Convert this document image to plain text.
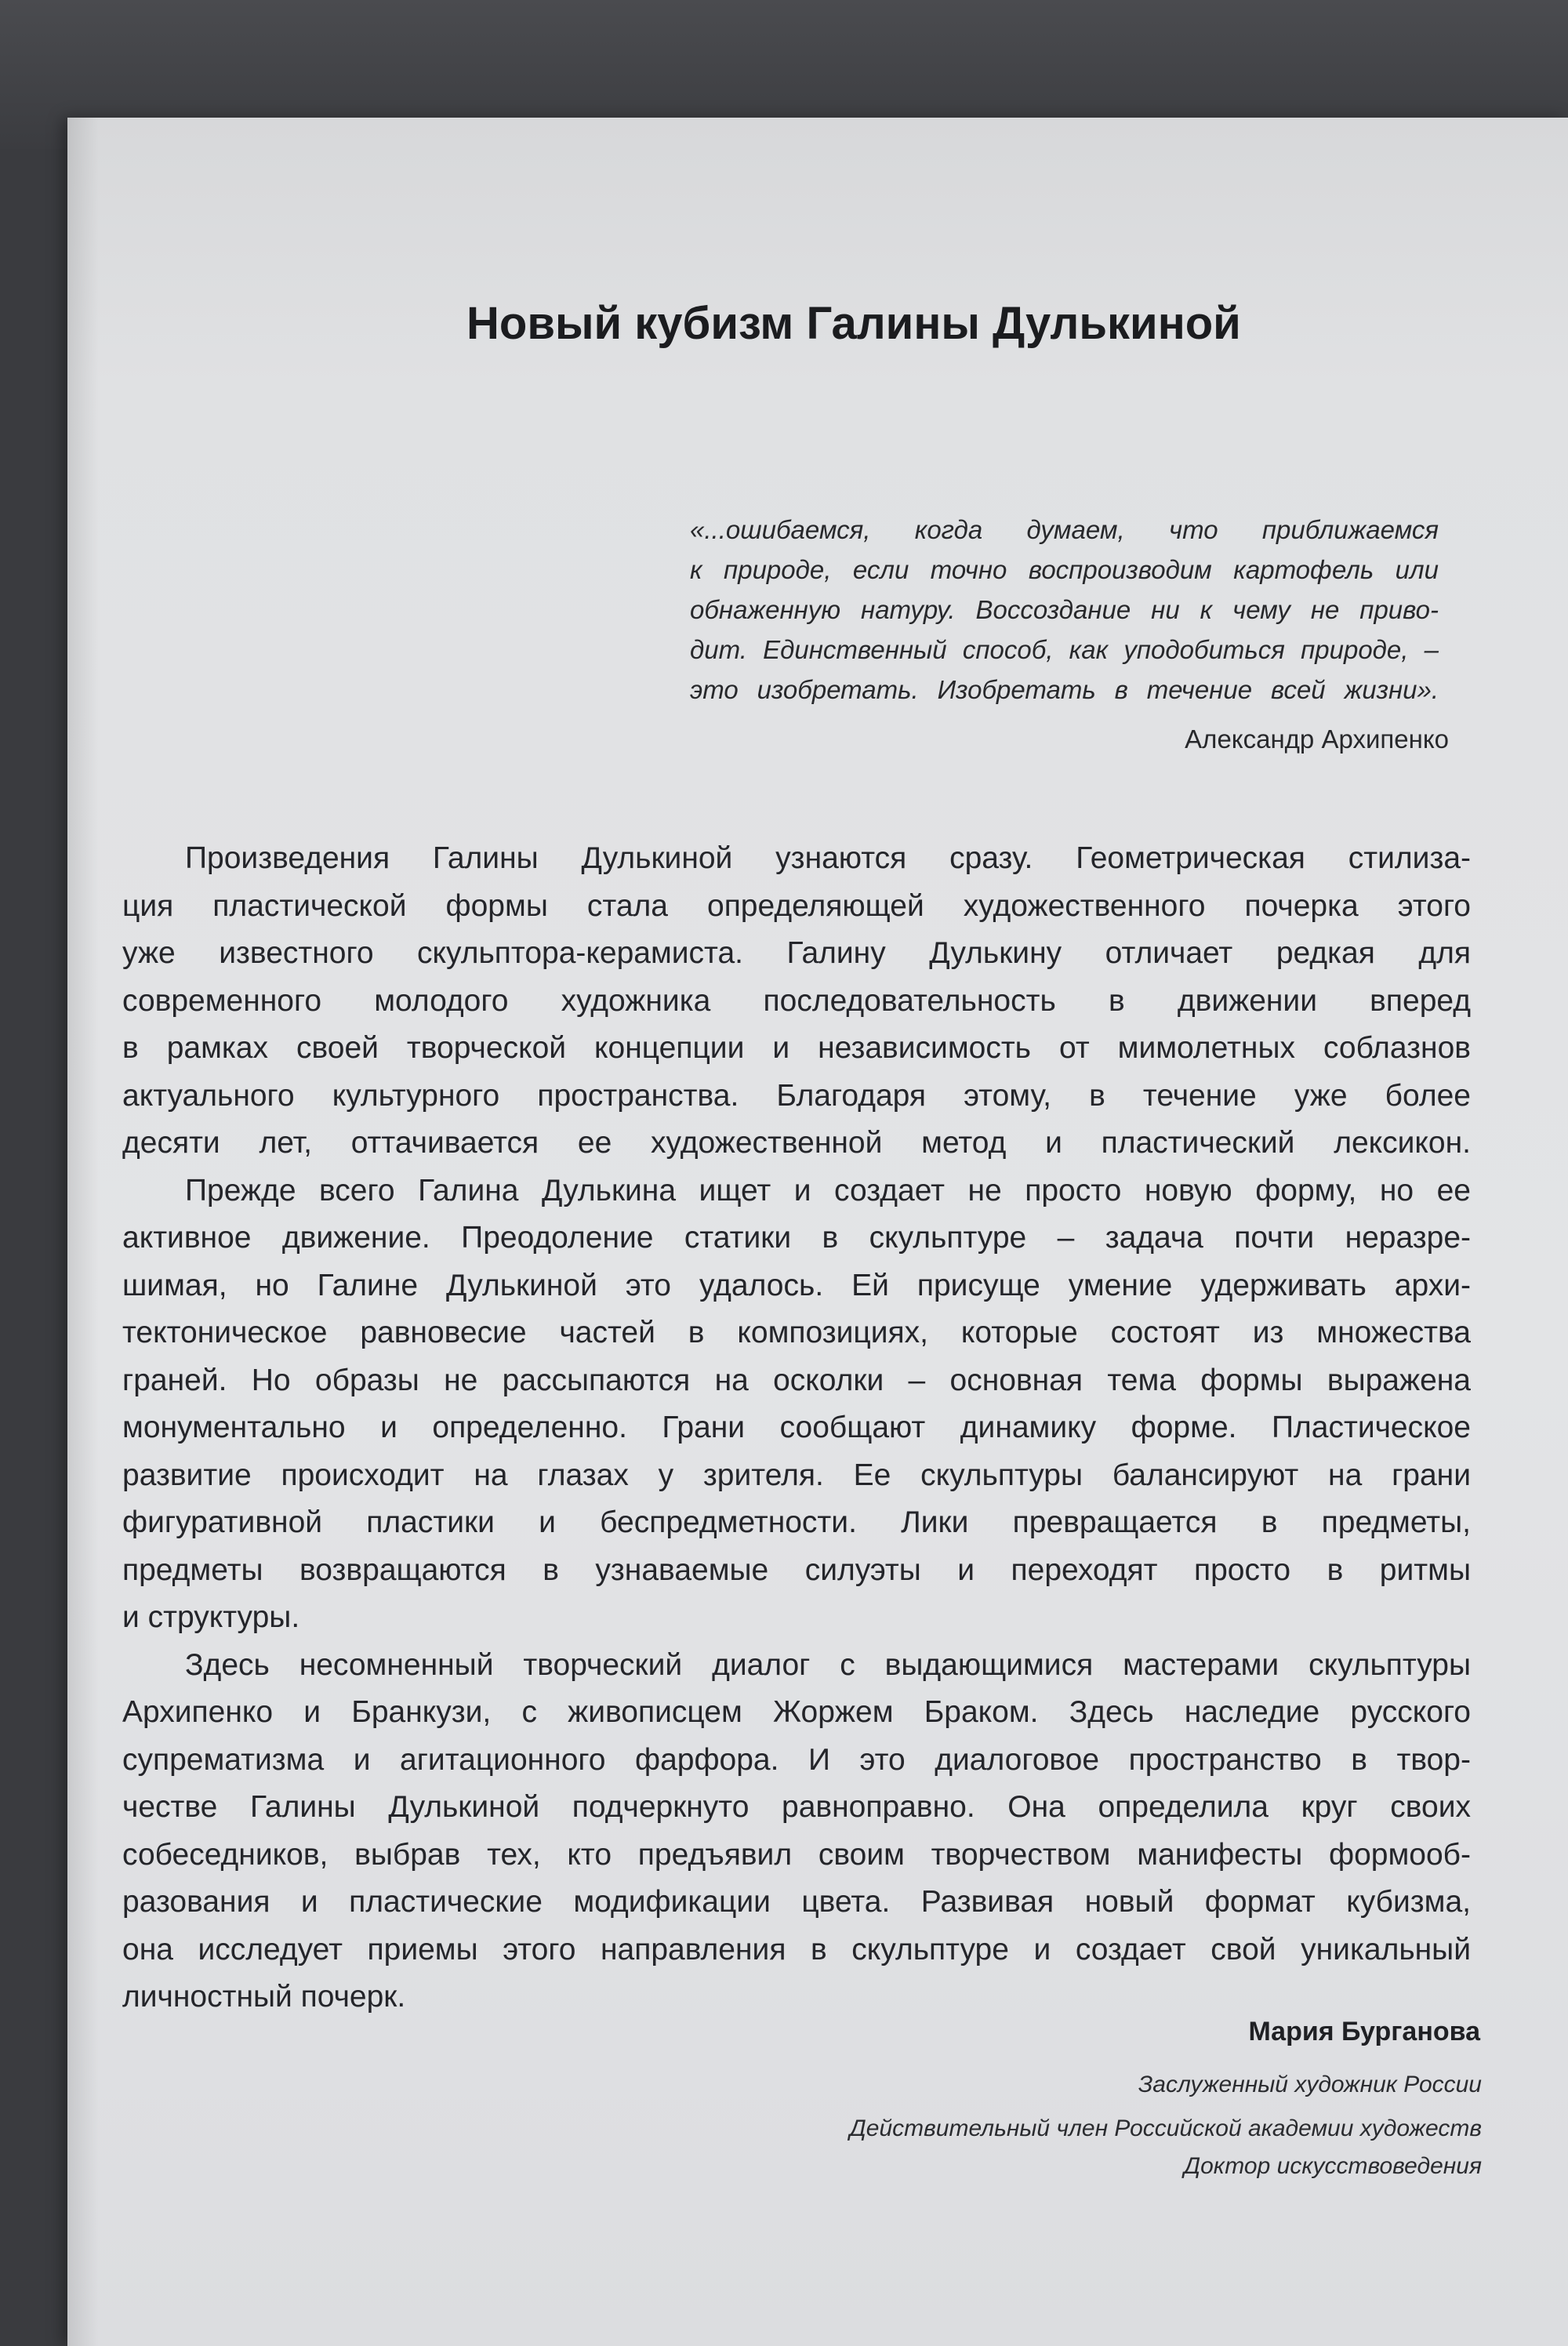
Новый кубизм Галины Дулькиной
«...ошибаемся, когда думаем, что приближаемся
к природе, если точно воспроизводим картофель или
обнаженную натуру. Воссоздание ни к чему не приво-
дит. Единственный способ, как уподобиться природе, –
это изобретать. Изобретать в течение всей жизни».
Александр Архипенко
Произведения Галины Дулькиной узнаются сразу. Геометрическая стилиза-
ция пластической формы стала определяющей художественного почерка этого
уже известного скульптора-керамиста. Галину Дулькину отличает редкая для
современного молодого художника последовательность в движении вперед
в рамках своей творческой концепции и независимость от мимолетных соблазнов
актуального культурного пространства. Благодаря этому, в течение уже более
десяти лет, оттачивается ее художественной метод и пластический лексикон.
Прежде всего Галина Дулькина ищет и создает не просто новую форму, но ее
активное движение. Преодоление статики в скульптуре – задача почти неразре-
шимая, но Галине Дулькиной это удалось. Ей присуще умение удерживать архи-
тектоническое равновесие частей в композициях, которые состоят из множества
граней. Но образы не рассыпаются на осколки – основная тема формы выражена
монументально и определенно. Грани сообщают динамику форме. Пластическое
развитие происходит на глазах у зрителя. Ее скульптуры балансируют на грани
фигуративной пластики и беспредметности. Лики превращается в предметы,
предметы возвращаются в узнаваемые силуэты и переходят просто в ритмы
и структуры.
Здесь несомненный творческий диалог с выдающимися мастерами скульптуры
Архипенко и Бранкузи, с живописцем Жоржем Браком. Здесь наследие русского
супрематизма и агитационного фарфора. И это диалоговое пространство в твор-
честве Галины Дулькиной подчеркнуто равноправно. Она определила круг своих
собеседников, выбрав тех, кто предъявил своим творчеством манифесты формооб-
разования и пластические модификации цвета. Развивая новый формат кубизма,
она исследует приемы этого направления в скульптуре и создает свой уникальный
личностный почерк.
Мария Бурганова
Заслуженный художник России
Действительный член Российской академии художеств
Доктор искусствоведения
